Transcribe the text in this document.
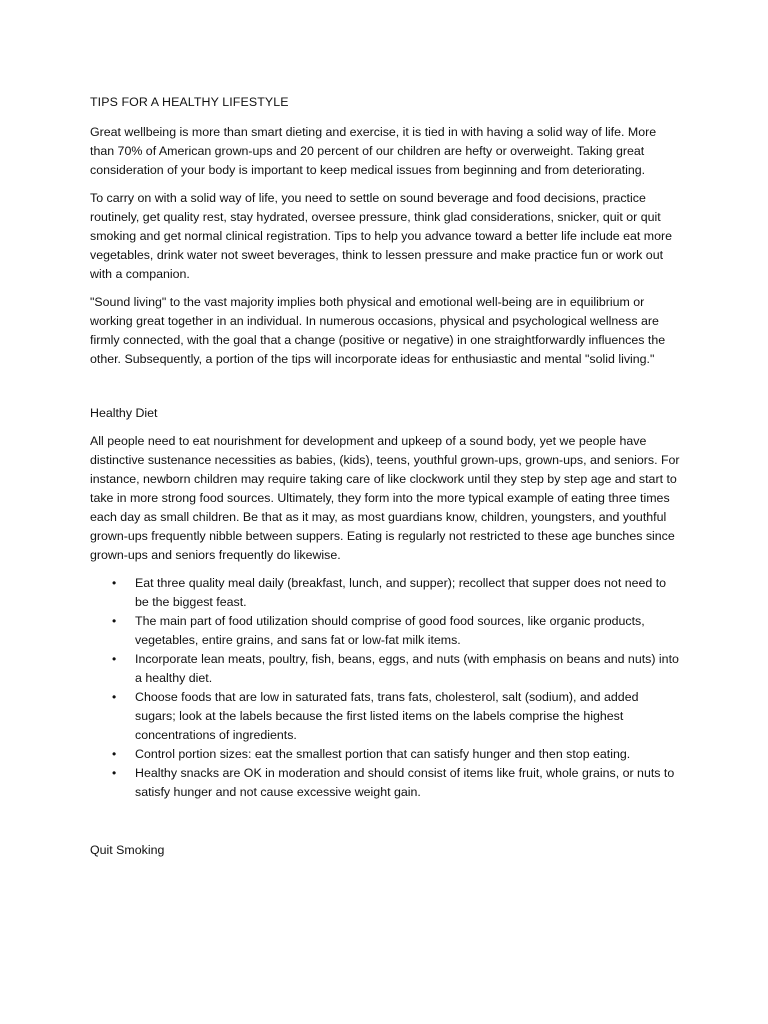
TIPS FOR A HEALTHY LIFESTYLE

Great wellbeing is more than smart dieting and exercise, it is tied in with having a solid way of life. More than 70% of American grown-ups and 20 percent of our children are hefty or overweight. Taking great consideration of your body is important to keep medical issues from beginning and from deteriorating.

To carry on with a solid way of life, you need to settle on sound beverage and food decisions, practice routinely, get quality rest, stay hydrated, oversee pressure, think glad considerations, snicker, quit or quit smoking and get normal clinical registration. Tips to help you advance toward a better life include eat more vegetables, drink water not sweet beverages, think to lessen pressure and make practice fun or work out with a companion.

"Sound living" to the vast majority implies both physical and emotional well-being are in equilibrium or working great together in an individual. In numerous occasions, physical and psychological wellness are firmly connected, with the goal that a change (positive or negative) in one straightforwardly influences the other. Subsequently, a portion of the tips will incorporate ideas for enthusiastic and mental "solid living."

Healthy Diet

All people need to eat nourishment for development and upkeep of a sound body, yet we people have distinctive sustenance necessities as babies, (kids), teens, youthful grown-ups, grown-ups, and seniors. For instance, newborn children may require taking care of like clockwork until they step by step age and start to take in more strong food sources. Ultimately, they form into the more typical example of eating three times each day as small children. Be that as it may, as most guardians know, children, youngsters, and youthful grown-ups frequently nibble between suppers. Eating is regularly not restricted to these age bunches since grown-ups and seniors frequently do likewise.

• Eat three quality meal daily (breakfast, lunch, and supper); recollect that supper does not need to be the biggest feast.
• The main part of food utilization should comprise of good food sources, like organic products, vegetables, entire grains, and sans fat or low-fat milk items.
• Incorporate lean meats, poultry, fish, beans, eggs, and nuts (with emphasis on beans and nuts) into a healthy diet.
• Choose foods that are low in saturated fats, trans fats, cholesterol, salt (sodium), and added sugars; look at the labels because the first listed items on the labels comprise the highest concentrations of ingredients.
• Control portion sizes: eat the smallest portion that can satisfy hunger and then stop eating.
• Healthy snacks are OK in moderation and should consist of items like fruit, whole grains, or nuts to satisfy hunger and not cause excessive weight gain.
Quit Smoking
